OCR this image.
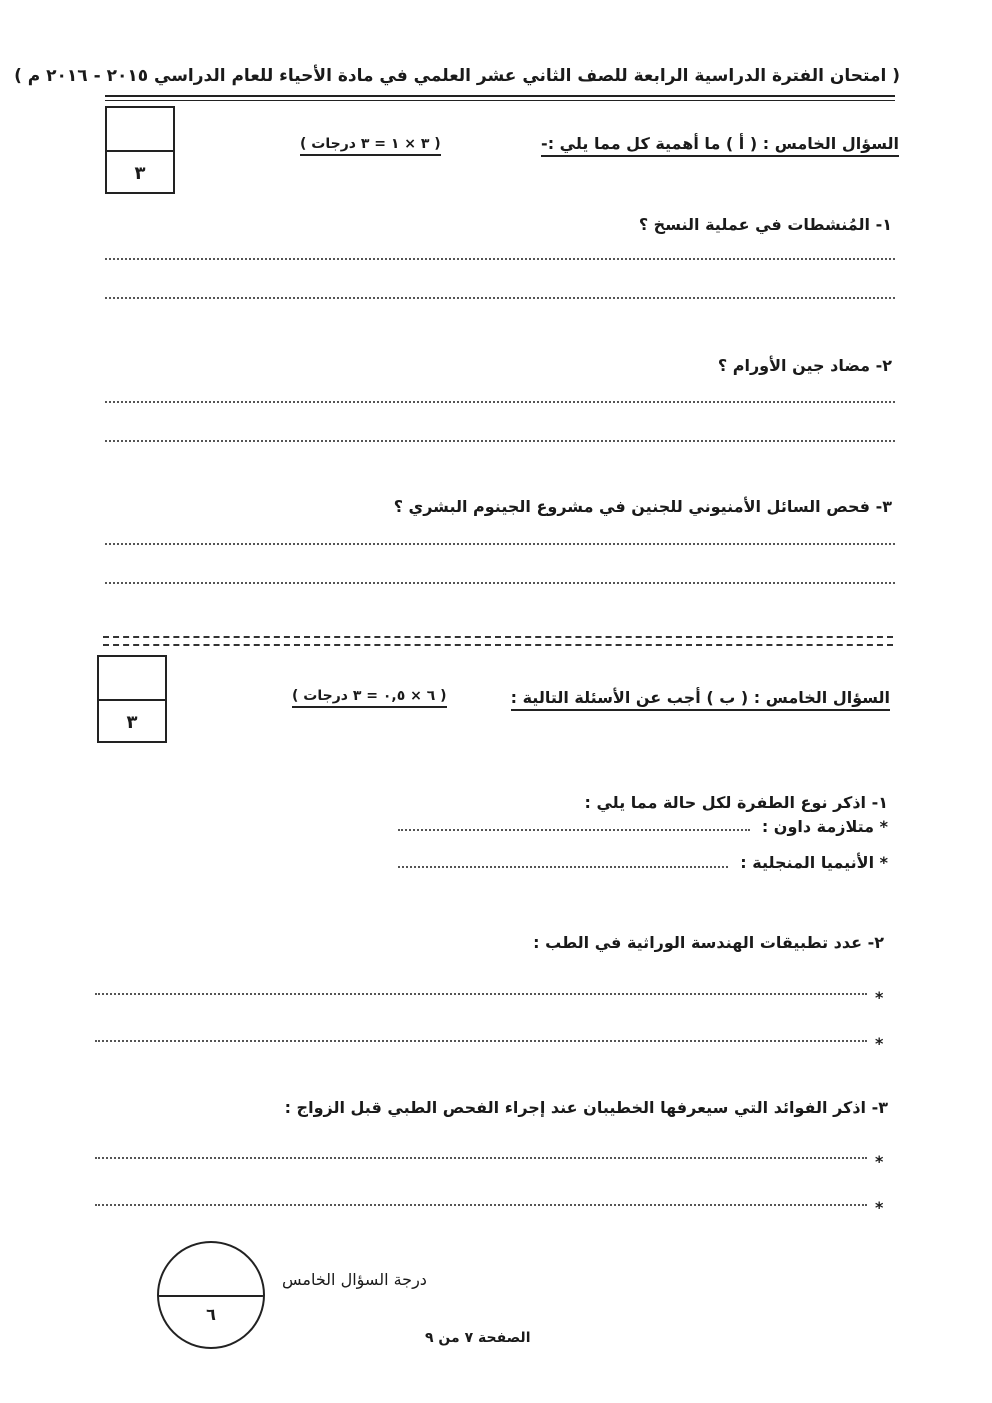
( امتحان الفترة الدراسية الرابعة للصف الثاني عشر العلمي في مادة الأحياء للعام الدراسي ٢٠١٥ - ٢٠١٦ م )
٣
السؤال الخامس : ( أ ) ما أهمية كل مما يلي :-
( ٣ × ١ = ٣ درجات )
١- المُنشطات في عملية النسخ ؟
٢- مضاد جين الأورام ؟
٣- فحص السائل الأمنيوني للجنين في مشروع الجينوم البشري ؟
٣
السؤال الخامس : ( ب ) أجب عن الأسئلة التالية :
( ٦ × ٠,٥ = ٣ درجات )
١- اذكر نوع الطفرة لكل حالة مما يلي :
* متلازمة داون :
* الأنيميا المنجلية :
٢- عدد تطبيقات الهندسة الوراثية في الطب :
*
*
٣- اذكر الفوائد التي سيعرفها الخطيبان عند إجراء الفحص الطبي قبل الزواج :
*
*
٦
درجة السؤال الخامس
الصفحة ٧ من ٩
